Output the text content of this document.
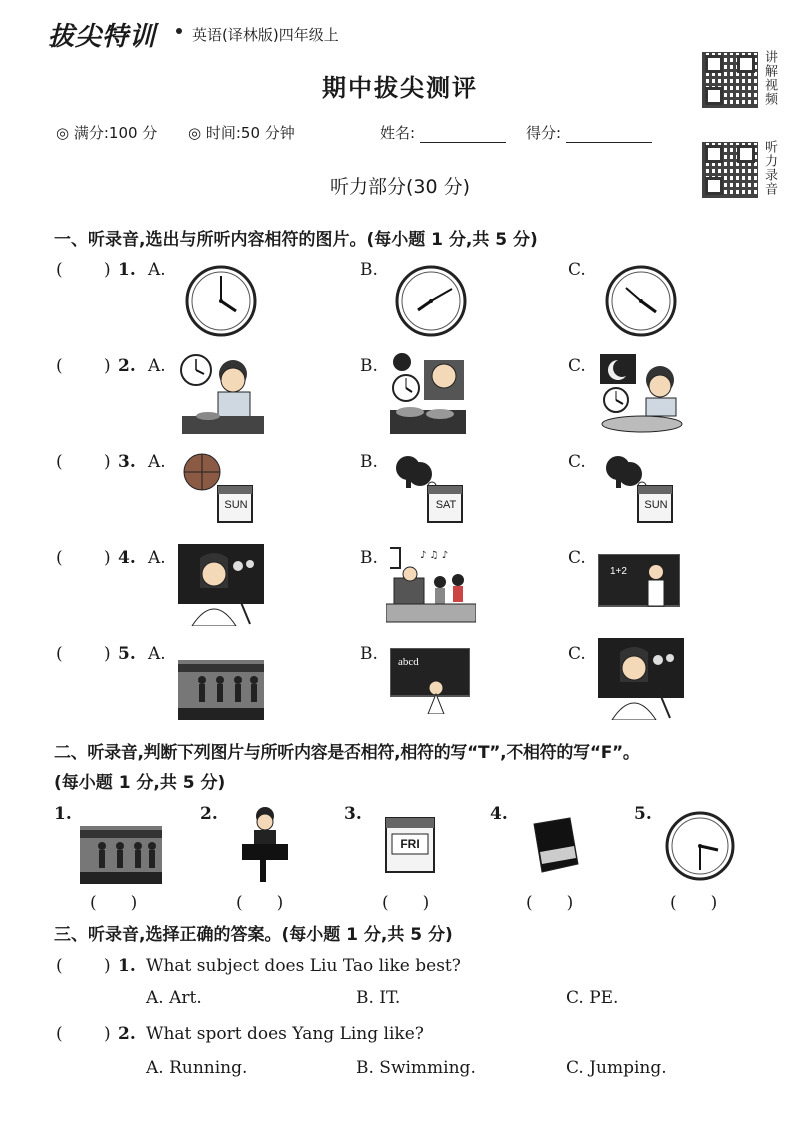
拔尖特训 英语(译林版)四年级上
期中拔尖测评	讲解视频
听力录音
◎ 满分:100 分 ◎ 时间:50 分钟	姓名:	得分:
听力部分(30 分)
一、听录音,选出与所听内容相符的图片。(每小题 1 分,共 5 分)
( ) 1. A.	B.	C.
( ) 2. A.	B.	C.
( ) 3. A.	B.	C.
( ) 4. A.	B.	C.
( ) 5. A.	B.	C.
SUN	SAT	SUN
♪ ♫ ♪
1+2
abcd
二、听录音,判断下列图片与所听内容是否相符,相符的写“T”,不相符的写“F”。
(每小题 1 分,共 5 分)
1.	2.	3.	4.	5.
FRI
(　　)	(　　)	(　　)	(　　)	(　　)
三、听录音,选择正确的答案。(每小题 1 分,共 5 分)
( ) 1. What subject does Liu Tao like best?
A. Art.	B. IT.	C. PE.
( ) 2. What sport does Yang Ling like?
A. Running.	B. Swimming.	C. Jumping.
